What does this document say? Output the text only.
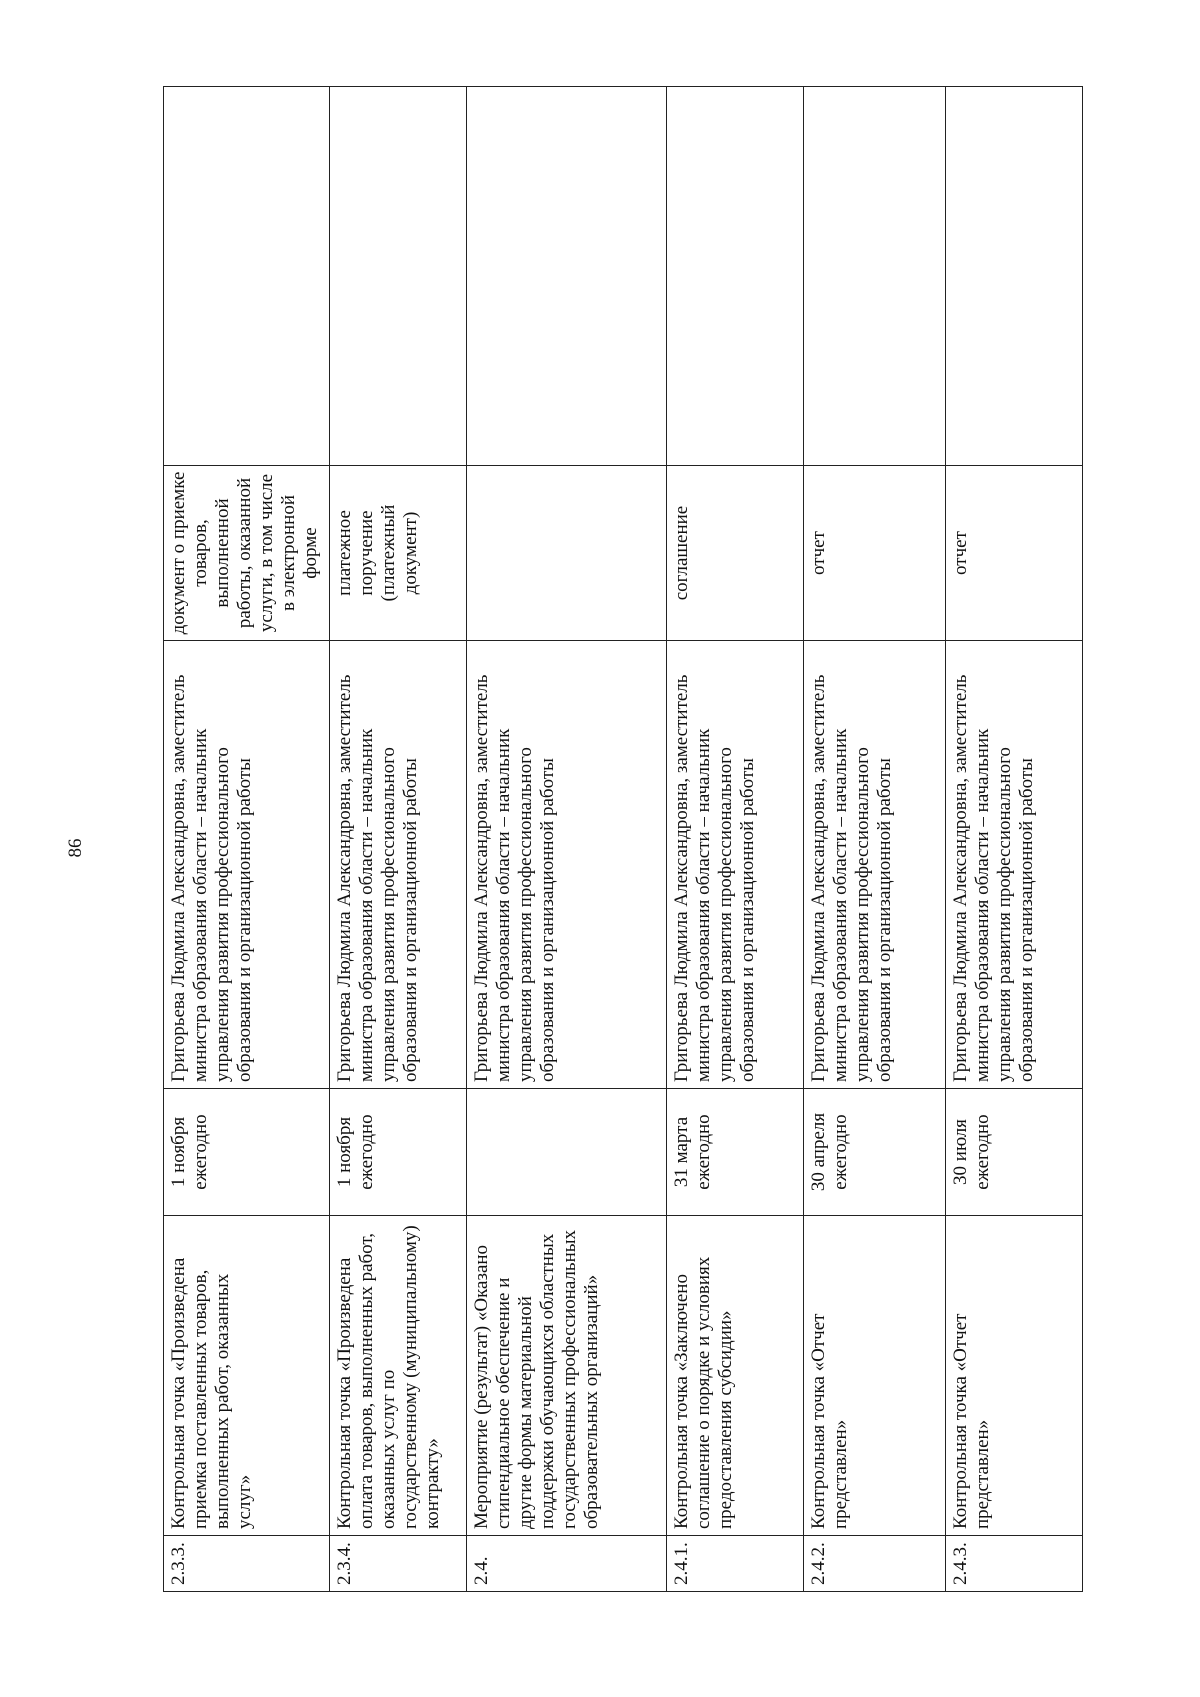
86
2.3.3.	Контрольная точка «Произведена приемка поставленных товаров, выполненных работ, оказанных услуг»	1 ноября ежегодно	Григорьева Людмила Александровна, заместитель министра образования области – начальник управления развития профессионального образования и организационной работы	документ о приемке товаров, выполненной работы, оказанной услуги, в том числе в электронной форме	
2.3.4.	Контрольная точка «Произведена оплата товаров, выполненных работ, оказанных услуг по государственному (муниципальному) контракту»	1 ноября ежегодно	Григорьева Людмила Александровна, заместитель министра образования области – начальник управления развития профессионального образования и организационной работы	платежное поручение (платежный документ)	
2.4.	Мероприятие (результат) «Оказано стипендиальное обеспечение и другие формы материальной поддержки обучающихся областных государственных профессиональных образовательных организаций»		Григорьева Людмила Александровна, заместитель министра образования области – начальник управления развития профессионального образования и организационной работы		
2.4.1.	Контрольная точка «Заключено соглашение о порядке и условиях предоставления субсидии»	31 марта ежегодно	Григорьева Людмила Александровна, заместитель министра образования области – начальник управления развития профессионального образования и организационной работы	соглашение	
2.4.2.	Контрольная точка «Отчет представлен»	30 апреля ежегодно	Григорьева Людмила Александровна, заместитель министра образования области – начальник управления развития профессионального образования и организационной работы	отчет	
2.4.3.	Контрольная точка «Отчет представлен»	30 июля ежегодно	Григорьева Людмила Александровна, заместитель министра образования области – начальник управления развития профессионального образования и организационной работы	отчет	
